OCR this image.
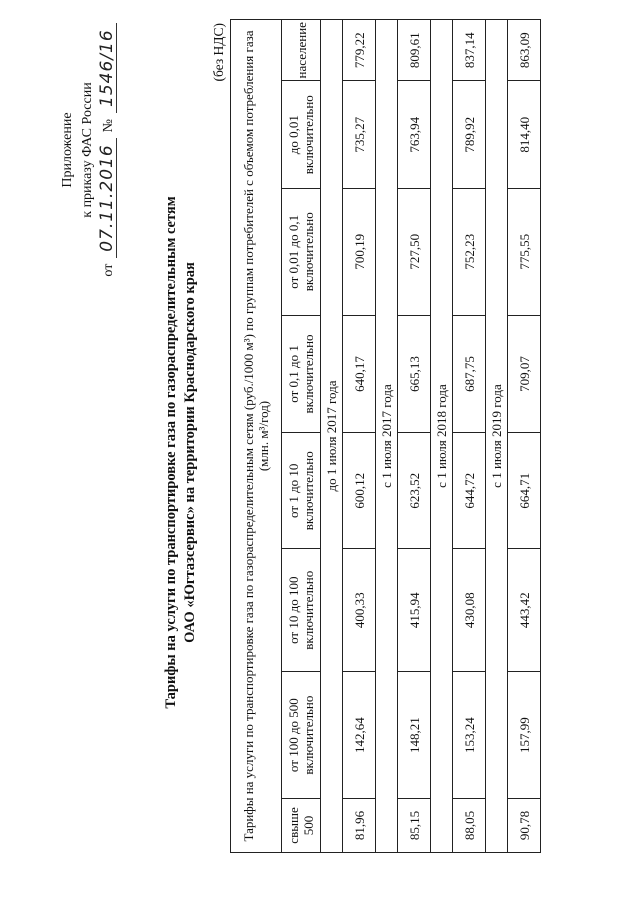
Приложение к приказу ФАС России
от
07.11.2016
№
1546/16
Тарифы на услуги по транспортировке газа по газораспределительным сетям ОАО «Югтазсервис» на территории Краснодарского края
(без НДС) Тарифы на услуги по транспортировке газа по газораспределительным сетям (руб./1000 м³) по группам потребителей с объемом потребления газа (млн. м³/год)							
свыше 500	от 100 до 500 включительно	от 10 до 100 включительно	от 1 до 10 включительно	от 0,1 до 1 включительно	от 0,01 до 0,1 включительно	до 0,01 включительно	население
до 1 июля 2017 года							
81,96	142,64	400,33	600,12	640,17	700,19	735,27	779,22
с 1 июля 2017 года							
85,15	148,21	415,94	623,52	665,13	727,50	763,94	809,61
с 1 июля 2018 года							
88,05	153,24	430,08	644,72	687,75	752,23	789,92	837,14
с 1 июля 2019 года							
90,78	157,99	443,42	664,71	709,07	775,55	814,40	863,09
